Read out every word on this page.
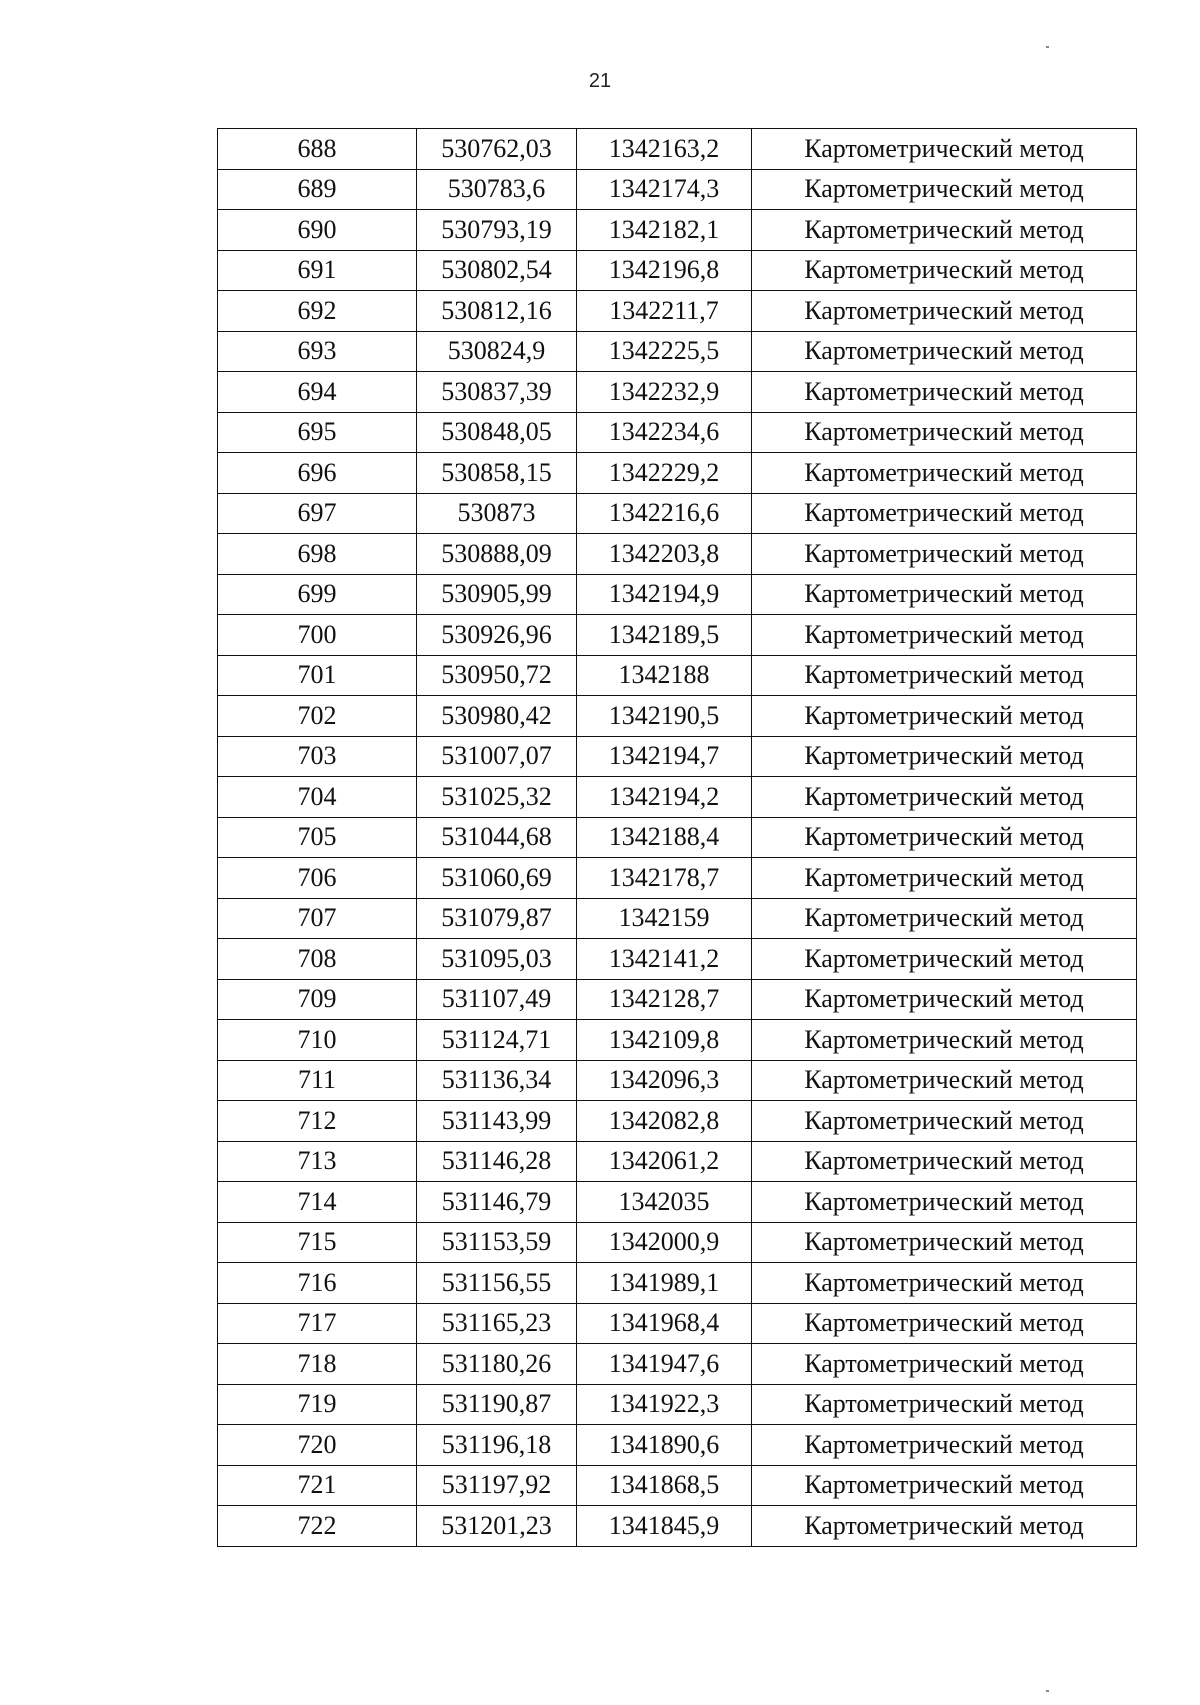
21
688	530762,03	1342163,2	Картометрический метод
689	530783,6	1342174,3	Картометрический метод
690	530793,19	1342182,1	Картометрический метод
691	530802,54	1342196,8	Картометрический метод
692	530812,16	1342211,7	Картометрический метод
693	530824,9	1342225,5	Картометрический метод
694	530837,39	1342232,9	Картометрический метод
695	530848,05	1342234,6	Картометрический метод
696	530858,15	1342229,2	Картометрический метод
697	530873	1342216,6	Картометрический метод
698	530888,09	1342203,8	Картометрический метод
699	530905,99	1342194,9	Картометрический метод
700	530926,96	1342189,5	Картометрический метод
701	530950,72	1342188	Картометрический метод
702	530980,42	1342190,5	Картометрический метод
703	531007,07	1342194,7	Картометрический метод
704	531025,32	1342194,2	Картометрический метод
705	531044,68	1342188,4	Картометрический метод
706	531060,69	1342178,7	Картометрический метод
707	531079,87	1342159	Картометрический метод
708	531095,03	1342141,2	Картометрический метод
709	531107,49	1342128,7	Картометрический метод
710	531124,71	1342109,8	Картометрический метод
711	531136,34	1342096,3	Картометрический метод
712	531143,99	1342082,8	Картометрический метод
713	531146,28	1342061,2	Картометрический метод
714	531146,79	1342035	Картометрический метод
715	531153,59	1342000,9	Картометрический метод
716	531156,55	1341989,1	Картометрический метод
717	531165,23	1341968,4	Картометрический метод
718	531180,26	1341947,6	Картометрический метод
719	531190,87	1341922,3	Картометрический метод
720	531196,18	1341890,6	Картометрический метод
721	531197,92	1341868,5	Картометрический метод
722	531201,23	1341845,9	Картометрический метод
